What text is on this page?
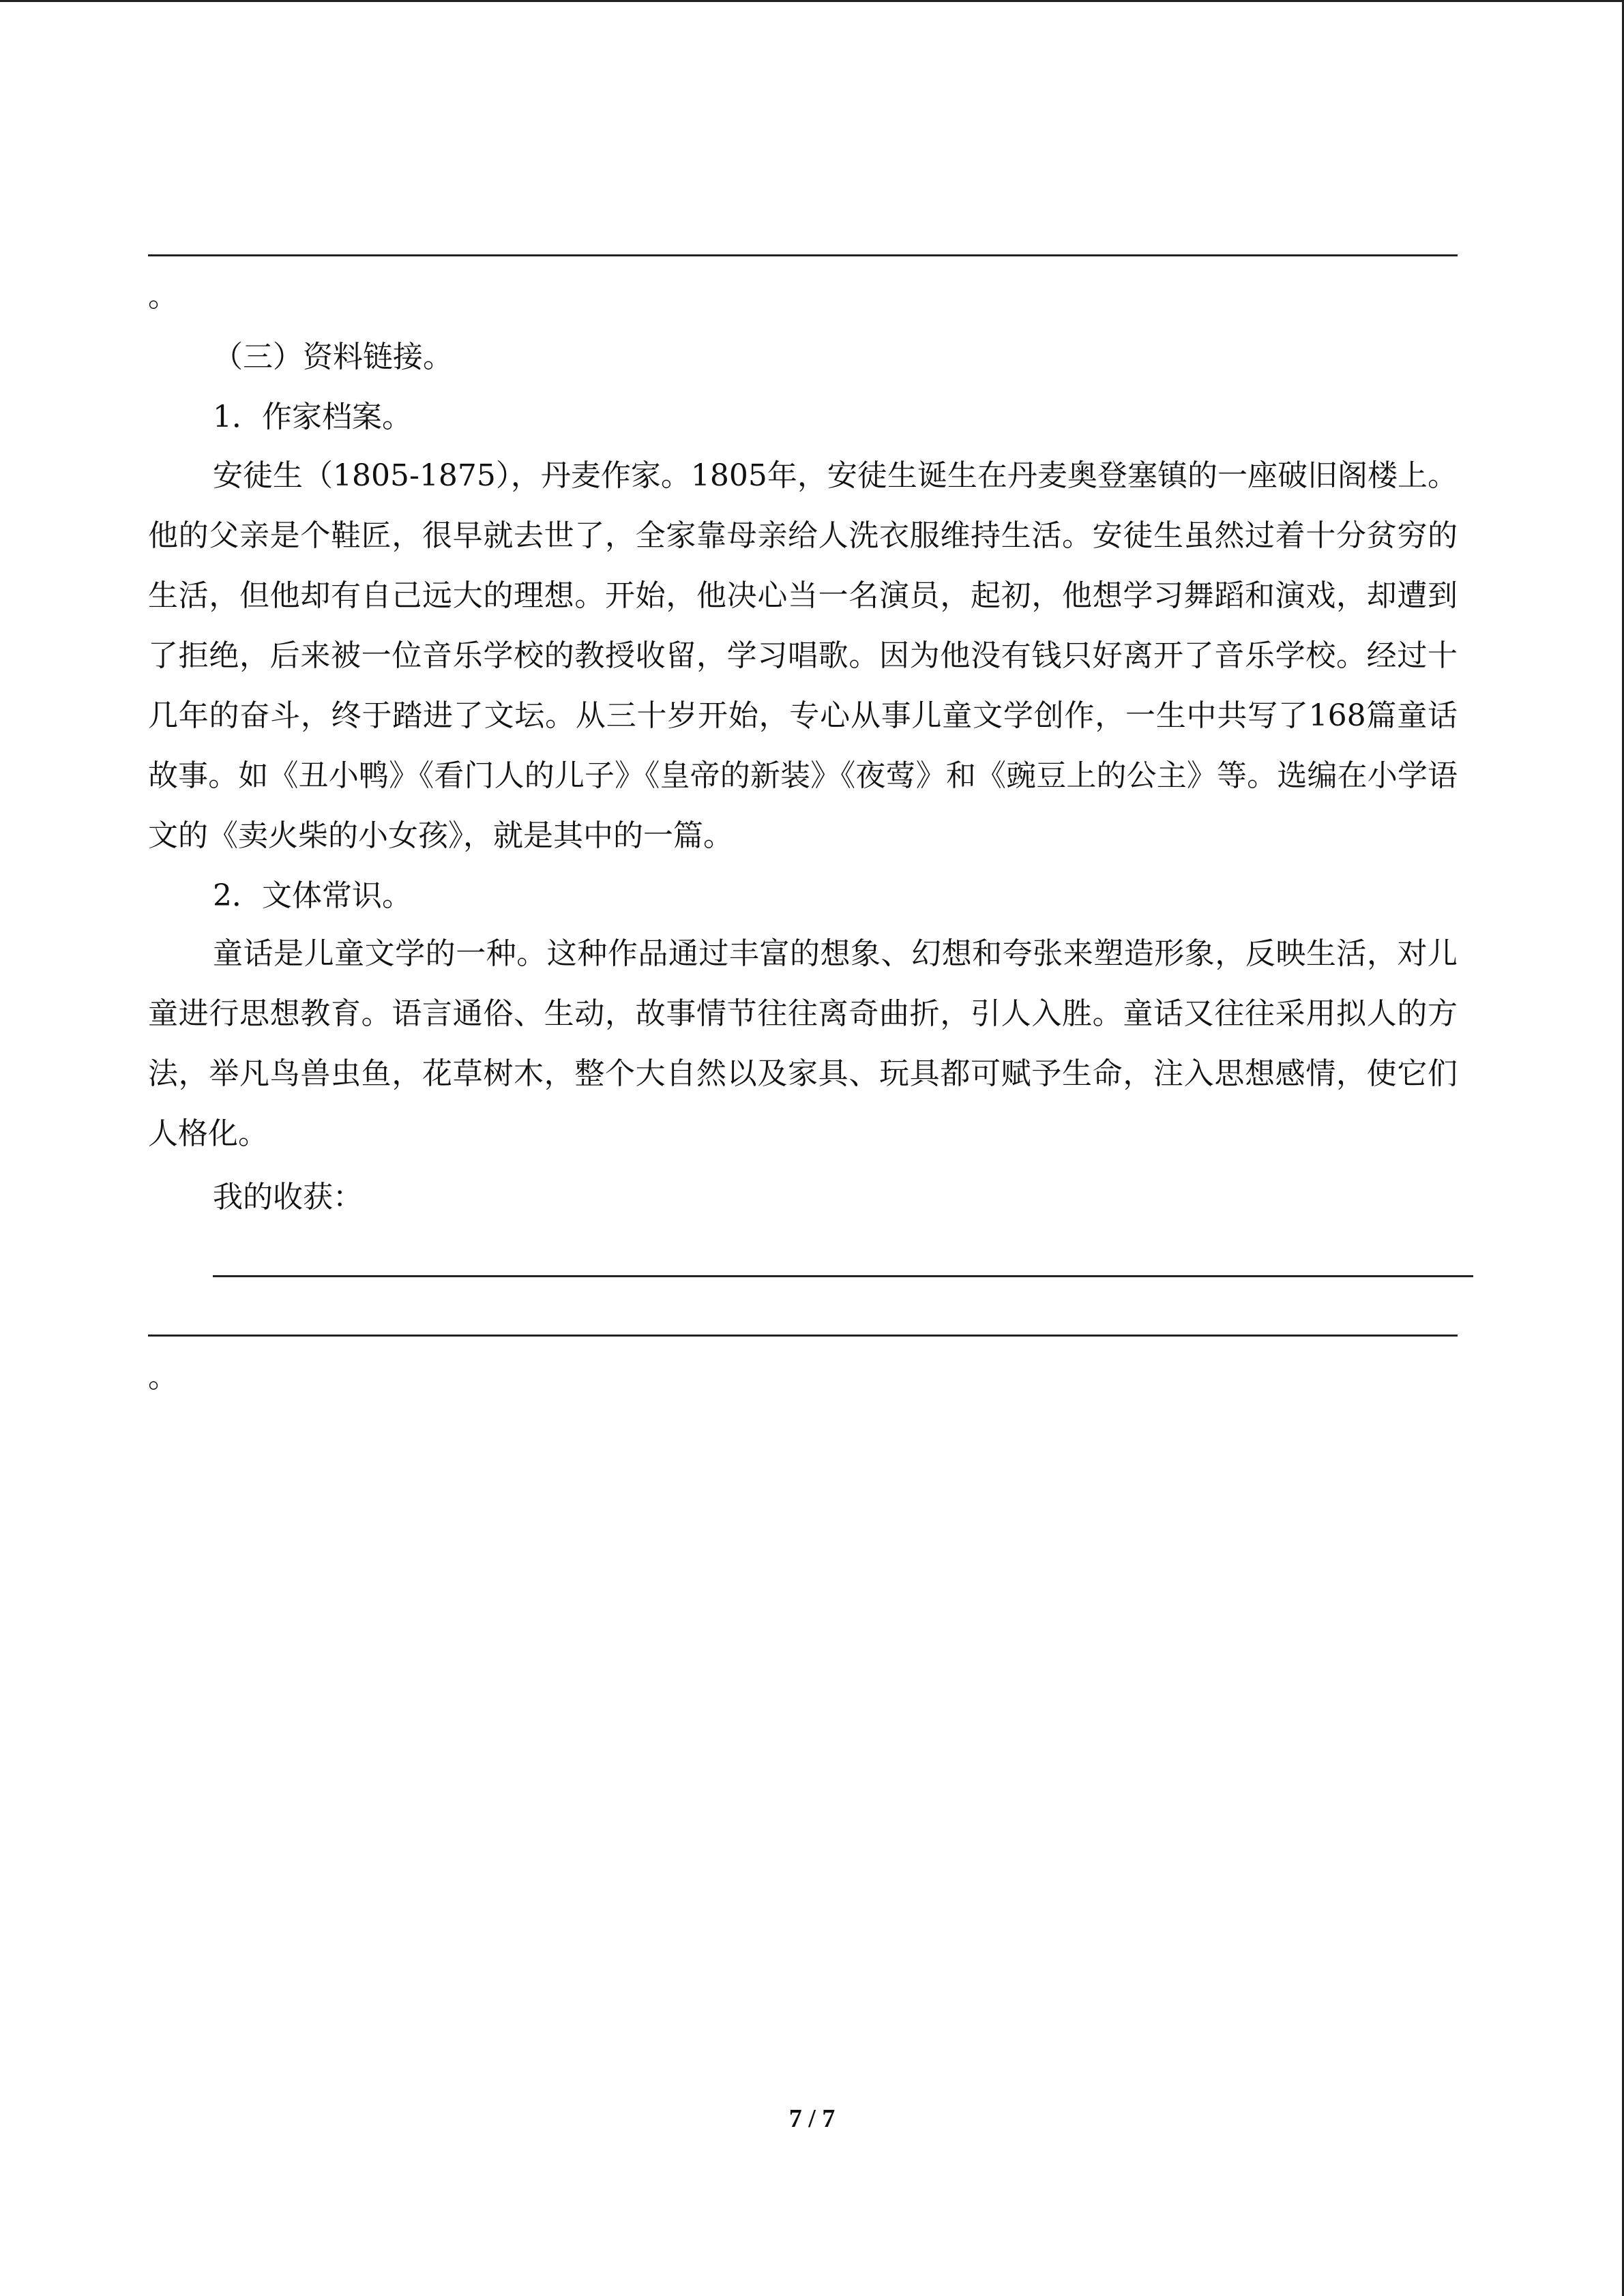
。
（三）资料链接。
1．作家档案。

安徒生（1805-1875），丹麦作家。1805年，安徒生诞生在丹麦奥登塞镇的一座破旧阁楼上。他的父亲是个鞋匠，很早就去世了，全家靠母亲给人洗衣服维持生活。安徒生虽然过着十分贫穷的生活，但他却有自己远大的理想。开始，他决心当一名演员，起初，他想学习舞蹈和演戏，却遭到了拒绝，后来被一位音乐学校的教授收留，学习唱歌。因为他没有钱只好离开了音乐学校。经过十几年的奋斗，终于踏进了文坛。从三十岁开始，专心从事儿童文学创作，一生中共写了168篇童话故事。如《丑小鸭》《看门人的儿子》《皇帝的新装》《夜莺》和《豌豆上的公主》等。选编在小学语文的《卖火柴的小女孩》，就是其中的一篇。

2．文体常识。

童话是儿童文学的一种。这种作品通过丰富的想象、幻想和夸张来塑造形象，反映生活，对儿童进行思想教育。语言通俗、生动，故事情节往往离奇曲折，引人入胜。童话又往往采用拟人的方法，举凡鸟兽虫鱼，花草树木，整个大自然以及家具、玩具都可赋予生命，注入思想感情，使它们人格化。

我的收获：
。
7 / 7
